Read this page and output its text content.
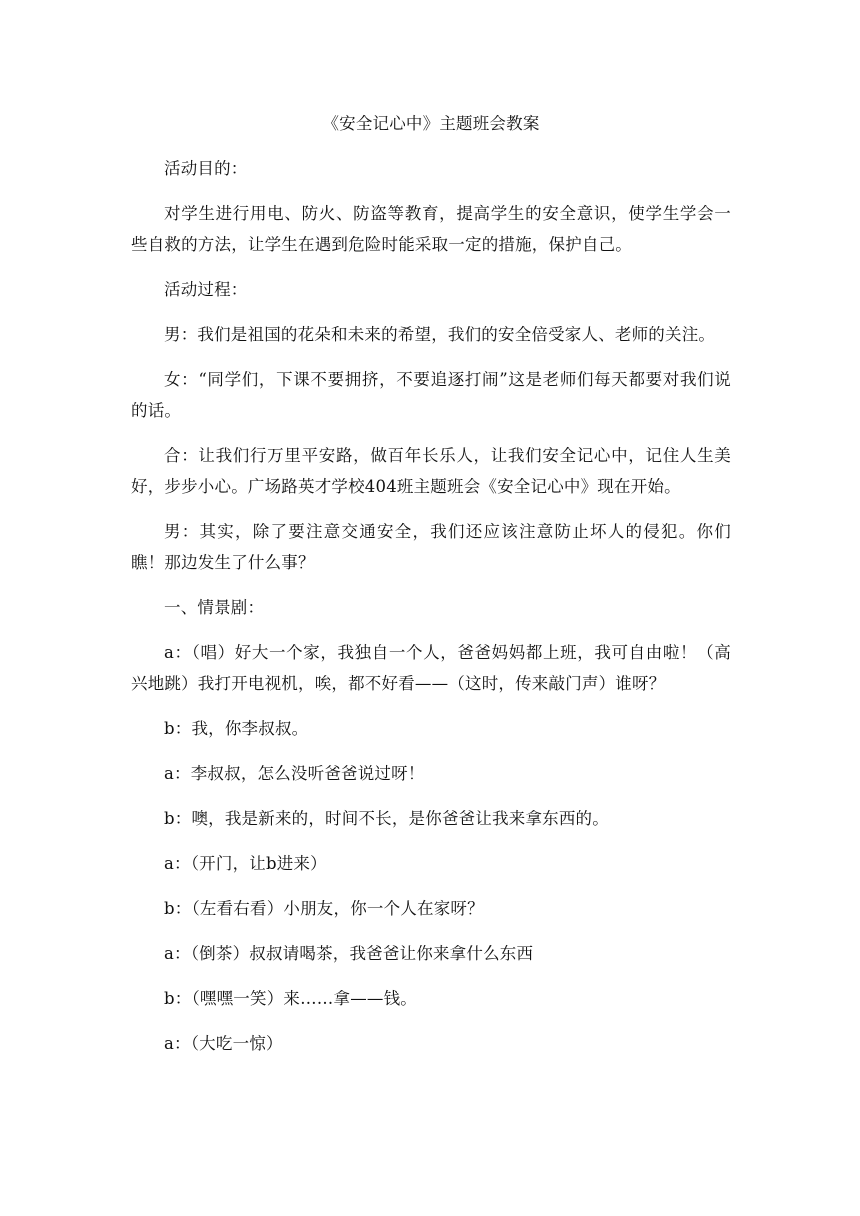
《安全记心中》主题班会教案

活动目的：

对学生进行用电、防火、防盗等教育，提高学生的安全意识，使学生学会一些自救的方法，让学生在遇到危险时能采取一定的措施，保护自己。

活动过程：

男：我们是祖国的花朵和未来的希望，我们的安全倍受家人、老师的关注。

女：“同学们，下课不要拥挤，不要追逐打闹”这是老师们每天都要对我们说的话。

合：让我们行万里平安路，做百年长乐人，让我们安全记心中，记住人生美好，步步小心。广场路英才学校404班主题班会《安全记心中》现在开始。

男：其实，除了要注意交通安全，我们还应该注意防止坏人的侵犯。你们瞧！那边发生了什么事？

一、情景剧：

a：（唱）好大一个家，我独自一个人，爸爸妈妈都上班，我可自由啦！（高兴地跳）我打开电视机，唉，都不好看——（这时，传来敲门声）谁呀？

b：我，你李叔叔。

a：李叔叔，怎么没听爸爸说过呀！

b：噢，我是新来的，时间不长，是你爸爸让我来拿东西的。

a：（开门，让b进来）

b：（左看右看）小朋友，你一个人在家呀？

a：（倒茶）叔叔请喝茶，我爸爸让你来拿什么东西

b：（嘿嘿一笑）来……拿——钱。

a：（大吃一惊）
